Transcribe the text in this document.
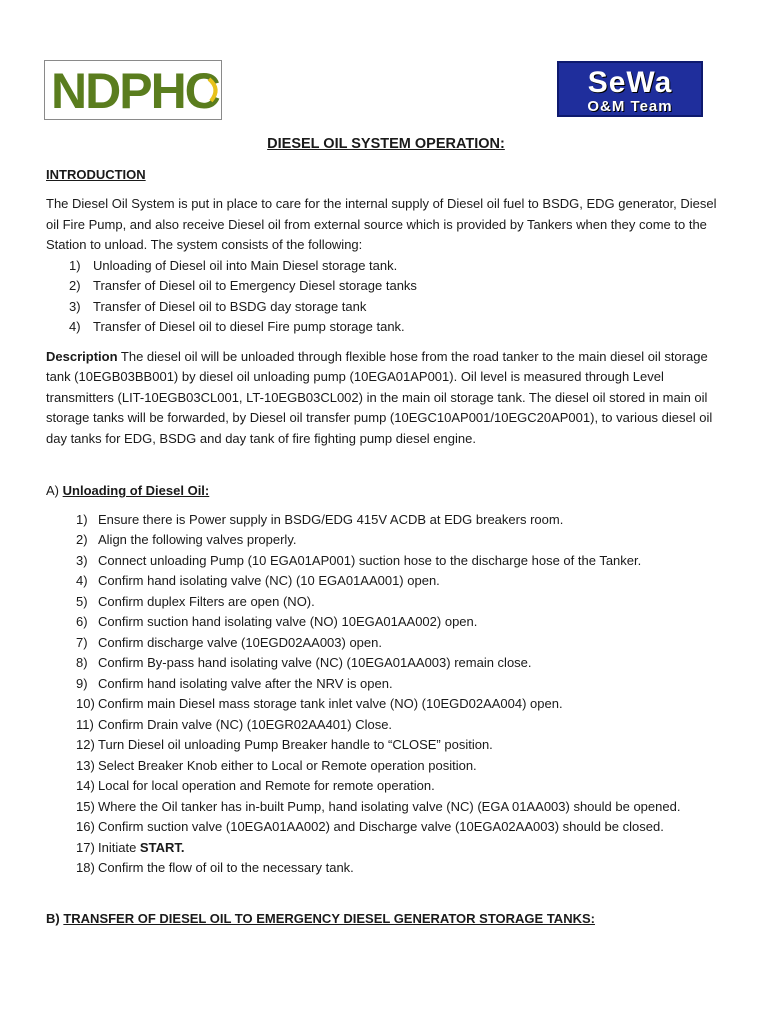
NDPHC	SeWa
O&M Team
DIESEL OIL SYSTEM OPERATION:
INTRODUCTION

The Diesel Oil System is put in place to care for the internal supply of Diesel oil fuel to BSDG, EDG generator, Diesel oil Fire Pump, and also receive Diesel oil from external source which is provided by Tankers when they come to the Station to unload. The system consists of the following:

1) Unloading of Diesel oil into Main Diesel storage tank.
2) Transfer of Diesel oil to Emergency Diesel storage tanks
3) Transfer of Diesel oil to BSDG day storage tank
4) Transfer of Diesel oil to diesel Fire pump storage tank.

Description The diesel oil will be unloaded through flexible hose from the road tanker to the main diesel oil storage tank (10EGB03BB001) by diesel oil unloading pump (10EGA01AP001). Oil level is measured through Level transmitters (LIT-10EGB03CL001, LT-10EGB03CL002) in the main oil storage tank. The diesel oil stored in main oil storage tanks will be forwarded, by Diesel oil transfer pump (10EGC10AP001/10EGC20AP001), to various diesel oil day tanks for EDG, BSDG and day tank of fire fighting pump diesel engine.

A) Unloading of Diesel Oil:
1) Ensure there is Power supply in BSDG/EDG 415V ACDB at EDG breakers room.
2) Align the following valves properly.
3) Connect unloading Pump (10 EGA01AP001) suction hose to the discharge hose of the Tanker.
4) Confirm hand isolating valve (NC) (10 EGA01AA001) open.
5) Confirm duplex Filters are open (NO).
6) Confirm suction hand isolating valve (NO) 10EGA01AA002) open.
7) Confirm discharge valve (10EGD02AA003) open.
8) Confirm By-pass hand isolating valve (NC) (10EGA01AA003) remain close.
9) Confirm hand isolating valve after the NRV is open.
10) Confirm main Diesel mass storage tank inlet valve (NO) (10EGD02AA004) open.
11) Confirm Drain valve (NC) (10EGR02AA401) Close.
12) Turn Diesel oil unloading Pump Breaker handle to “CLOSE” position.
13) Select Breaker Knob either to Local or Remote operation position.
14) Local for local operation and Remote for remote operation.
15) Where the Oil tanker has in-built Pump, hand isolating valve (NC) (EGA 01AA003) should be opened.
16) Confirm suction valve (10EGA01AA002) and Discharge valve (10EGA02AA003) should be closed.
17) Initiate START.
18) Confirm the flow of oil to the necessary tank.
B) TRANSFER OF DIESEL OIL TO EMERGENCY DIESEL GENERATOR STORAGE TANKS:
